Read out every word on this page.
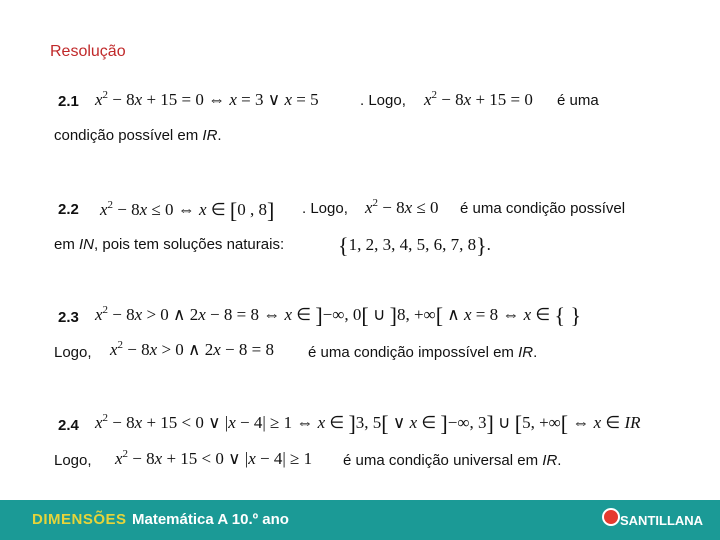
Resolução
2.1 $x^2 - 8x + 15 = 0$ ⇔ x = 3 ∨ x = 5	. Logo, $x^2 - 8x + 15 = 0$ é uma
condição possível em IR.
2.2 $x^2 - 8x \le 0$ ⇔ x ∈ [0 , 8] . Logo, $x^2 - 8x \le 0$ é uma condição possível
em IN, pois tem soluções naturais: {1, 2, 3, 4, 5, 6, 7, 8}.
2.3 $x^2 - 8x > 0$ ∧ 2x − 8 = 8 ⇔ x ∈ ]−∞, 0[ ∪ ]8, +∞[ ∧ x = 8 ⇔ x ∈ { }
Logo, $x^2 - 8x > 0$ ∧ 2x − 8 = 8 é uma condição impossível em IR.
2.4 $x^2 - 8x + 15 < 0$ ∨ |x − 4| ≥ 1 ⇔ x ∈ ]3, 5[ ∨ x ∈ ]−∞, 3] ∪ [5, +∞[ ⇔ x ∈ IR
Logo, $x^2 - 8x + 15 < 0$ ∨ |x − 4| ≥ 1 é uma condição universal em IR.
DIMENSÕES Matemática A 10.º ano	SANTILLANA
